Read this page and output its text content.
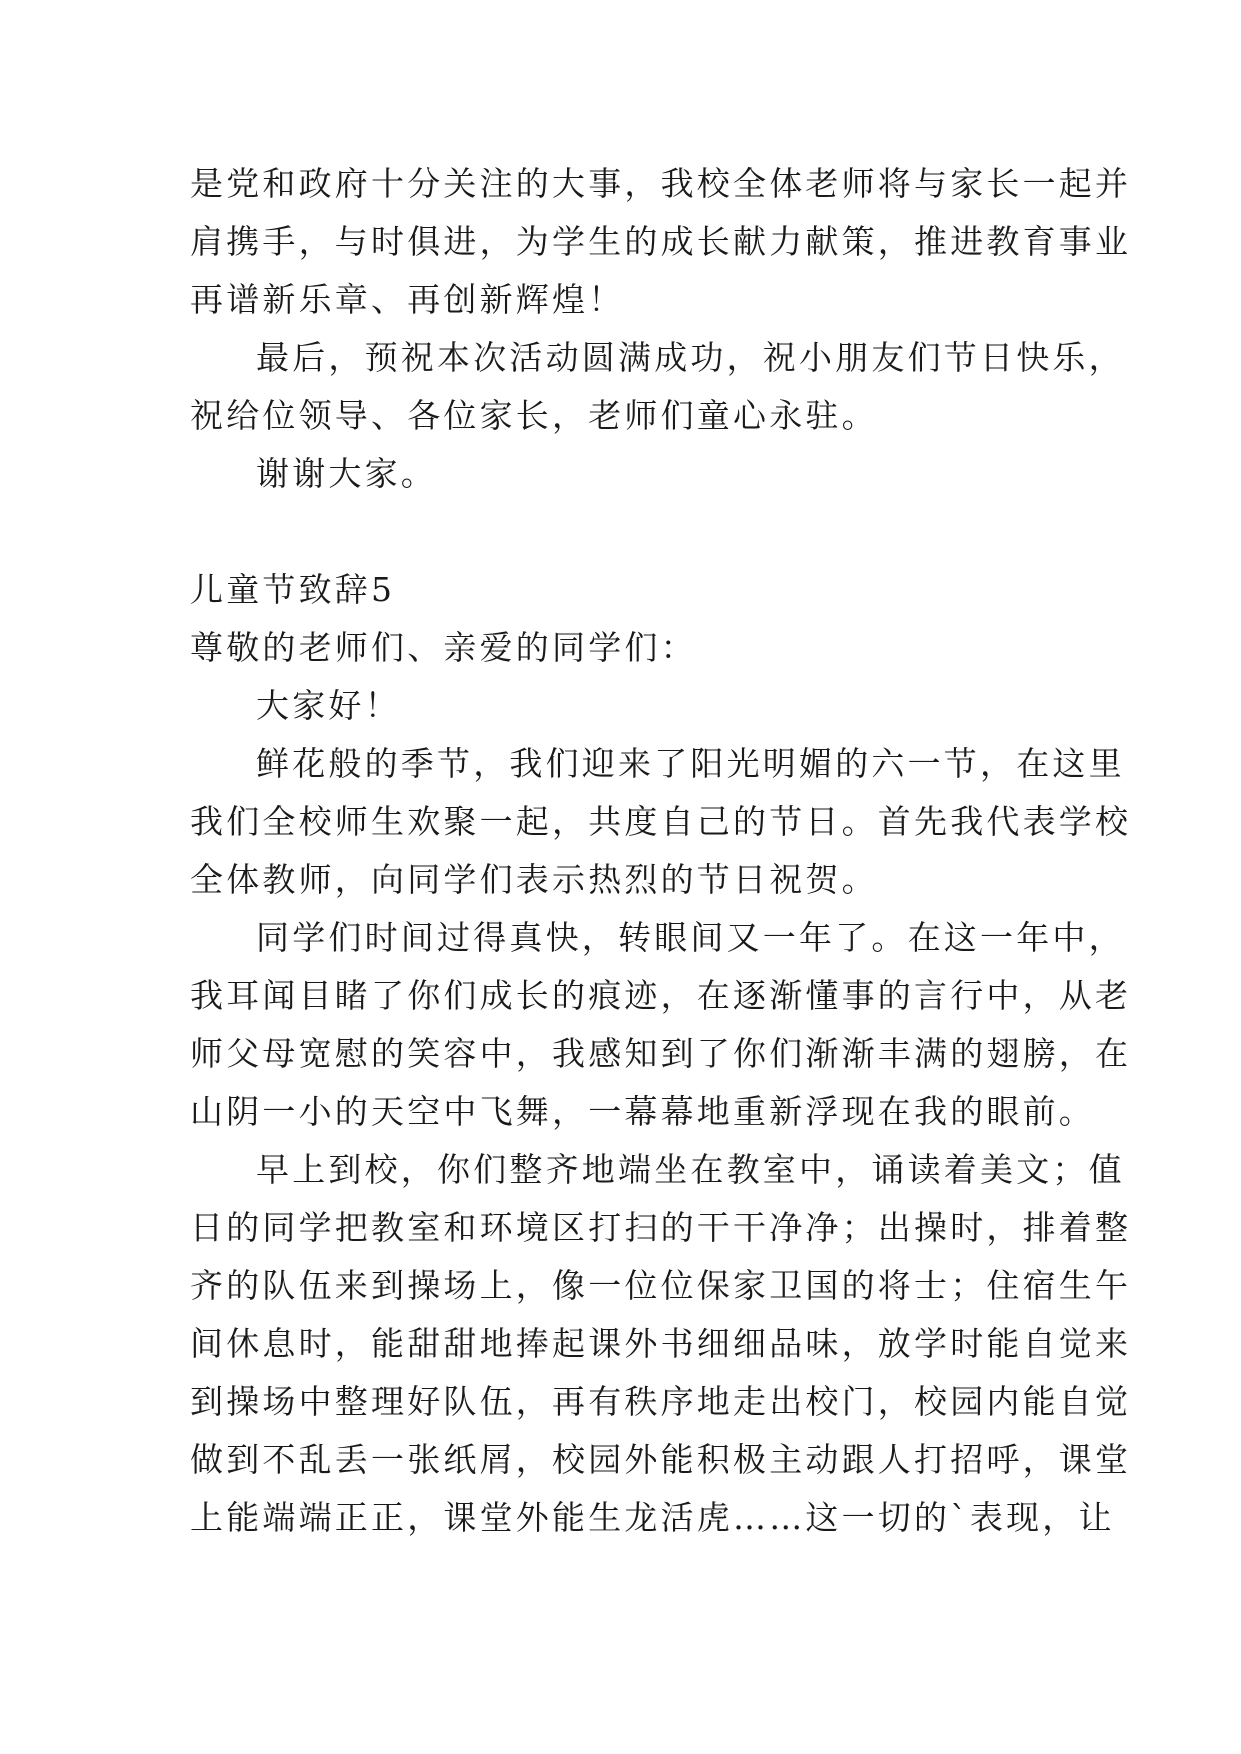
是党和政府十分关注的大事，我校全体老师将与家长一起并
肩携手，与时俱进，为学生的成长献力献策，推进教育事业
再谱新乐章、再创新辉煌！
最后，预祝本次活动圆满成功，祝小朋友们节日快乐，
祝给位领导、各位家长，老师们童心永驻。
谢谢大家。
儿童节致辞5
尊敬的老师们、亲爱的同学们：
大家好！
鲜花般的季节，我们迎来了阳光明媚的六一节，在这里
我们全校师生欢聚一起，共度自己的节日。首先我代表学校
全体教师，向同学们表示热烈的节日祝贺。
同学们时间过得真快，转眼间又一年了。在这一年中，
我耳闻目睹了你们成长的痕迹，在逐渐懂事的言行中，从老
师父母宽慰的笑容中，我感知到了你们渐渐丰满的翅膀，在
山阴一小的天空中飞舞，一幕幕地重新浮现在我的眼前。
早上到校，你们整齐地端坐在教室中，诵读着美文；值
日的同学把教室和环境区打扫的干干净净；出操时，排着整
齐的队伍来到操场上，像一位位保家卫国的将士；住宿生午
间休息时，能甜甜地捧起课外书细细品味，放学时能自觉来
到操场中整理好队伍，再有秩序地走出校门，校园内能自觉
做到不乱丢一张纸屑，校园外能积极主动跟人打招呼，课堂
上能端端正正，课堂外能生龙活虎……这一切的`表现，让
